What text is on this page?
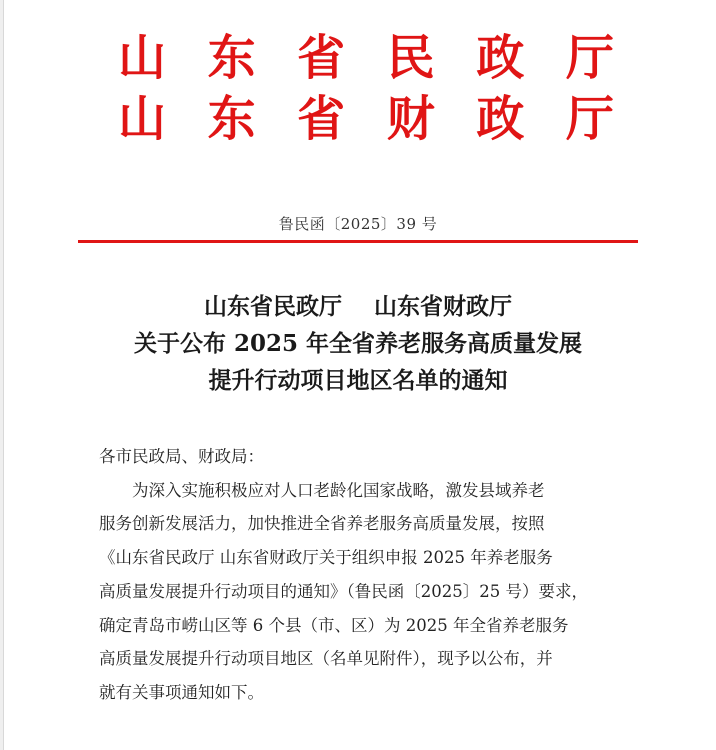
山 东 省 民 政 厅
山 东 省 财 政 厅
鲁民函〔2025〕39 号
山东省民政厅    山东省财政厅
关于公布 2025 年全省养老服务高质量发展
提升行动项目地区名单的通知
各市民政局、财政局：
为深入实施积极应对人口老龄化国家战略，激发县域养老
服务创新发展活力，加快推进全省养老服务高质量发展，按照
《山东省民政厅 山东省财政厅关于组织申报 2025 年养老服务
高质量发展提升行动项目的通知》（鲁民函〔2025〕25 号）要求，
确定青岛市崂山区等 6 个县（市、区）为 2025 年全省养老服务
高质量发展提升行动项目地区（名单见附件），现予以公布，并
就有关事项通知如下。
